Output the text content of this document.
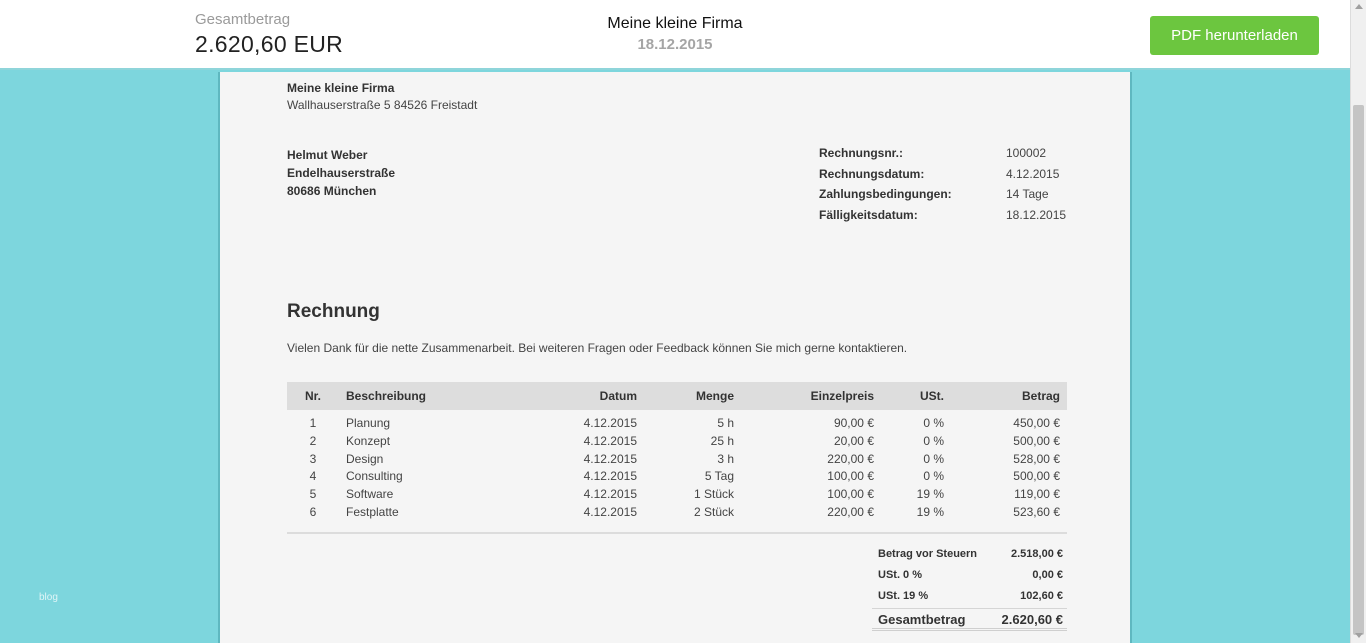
Gesamtbetrag
2.620,60 EUR
Meine kleine Firma
18.12.2015
PDF herunterladen
blog
Meine kleine Firma
Wallhauserstraße 5 84526 Freistadt
Helmut Weber
Endelhauserstraße
80686 München
Rechnungsnr.:	100002
Rechnungsdatum:	4.12.2015
Zahlungsbedingungen:	14 Tage
Fälligkeitsdatum:	18.12.2015
Rechnung
Vielen Dank für die nette Zusammenarbeit. Bei weiteren Fragen oder Feedback können Sie mich gerne kontaktieren.
Nr.	Beschreibung	Datum	Menge	Einzelpreis	USt.	Betrag
1	Planung	4.12.2015	5 h	90,00 €	0 %	450,00 €
2	Konzept	4.12.2015	25 h	20,00 €	0 %	500,00 €
3	Design	4.12.2015	3 h	220,00 €	0 %	528,00 €
4	Consulting	4.12.2015	5 Tag	100,00 €	0 %	500,00 €
5	Software	4.12.2015	1 Stück	100,00 €	19 %	119,00 €
6	Festplatte	4.12.2015	2 Stück	220,00 €	19 %	523,60 €
Betrag vor Steuern	2.518,00 €
USt. 0 %	0,00 €
USt. 19 %	102,60 €
Gesamtbetrag	2.620,60 €
